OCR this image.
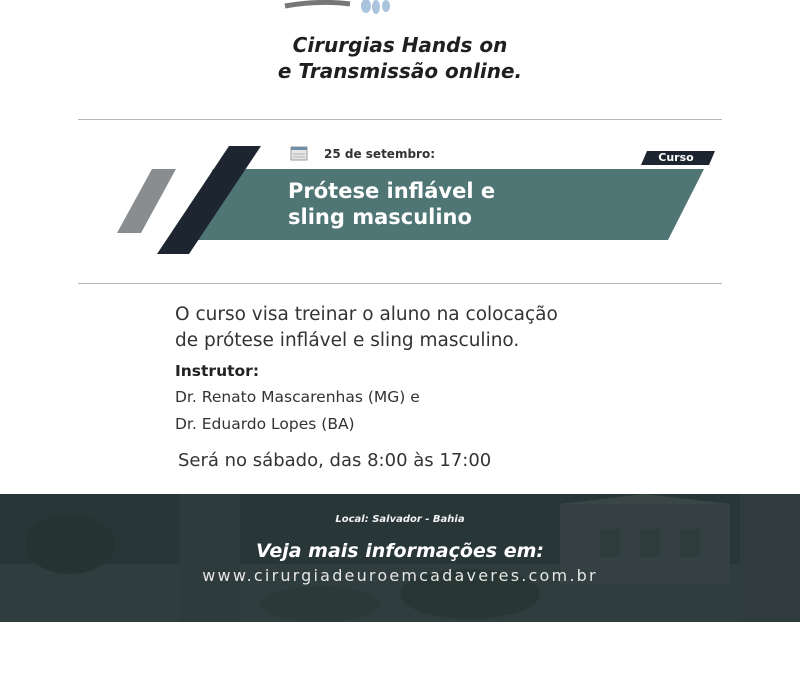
Cirurgias Hands on
e Transmissão online.
25 de setembro:	Curso
Prótese inflável e
sling masculino
O curso visa treinar o aluno na colocação
de prótese inflável e sling masculino.
Instrutor:
Dr. Renato Mascarenhas (MG) e
Dr. Eduardo Lopes (BA)
Será no sábado, das 8:00 às 17:00
Local: Salvador - Bahia
Veja mais informações em:
www.cirurgiadeuroemcadaveres.com.br
